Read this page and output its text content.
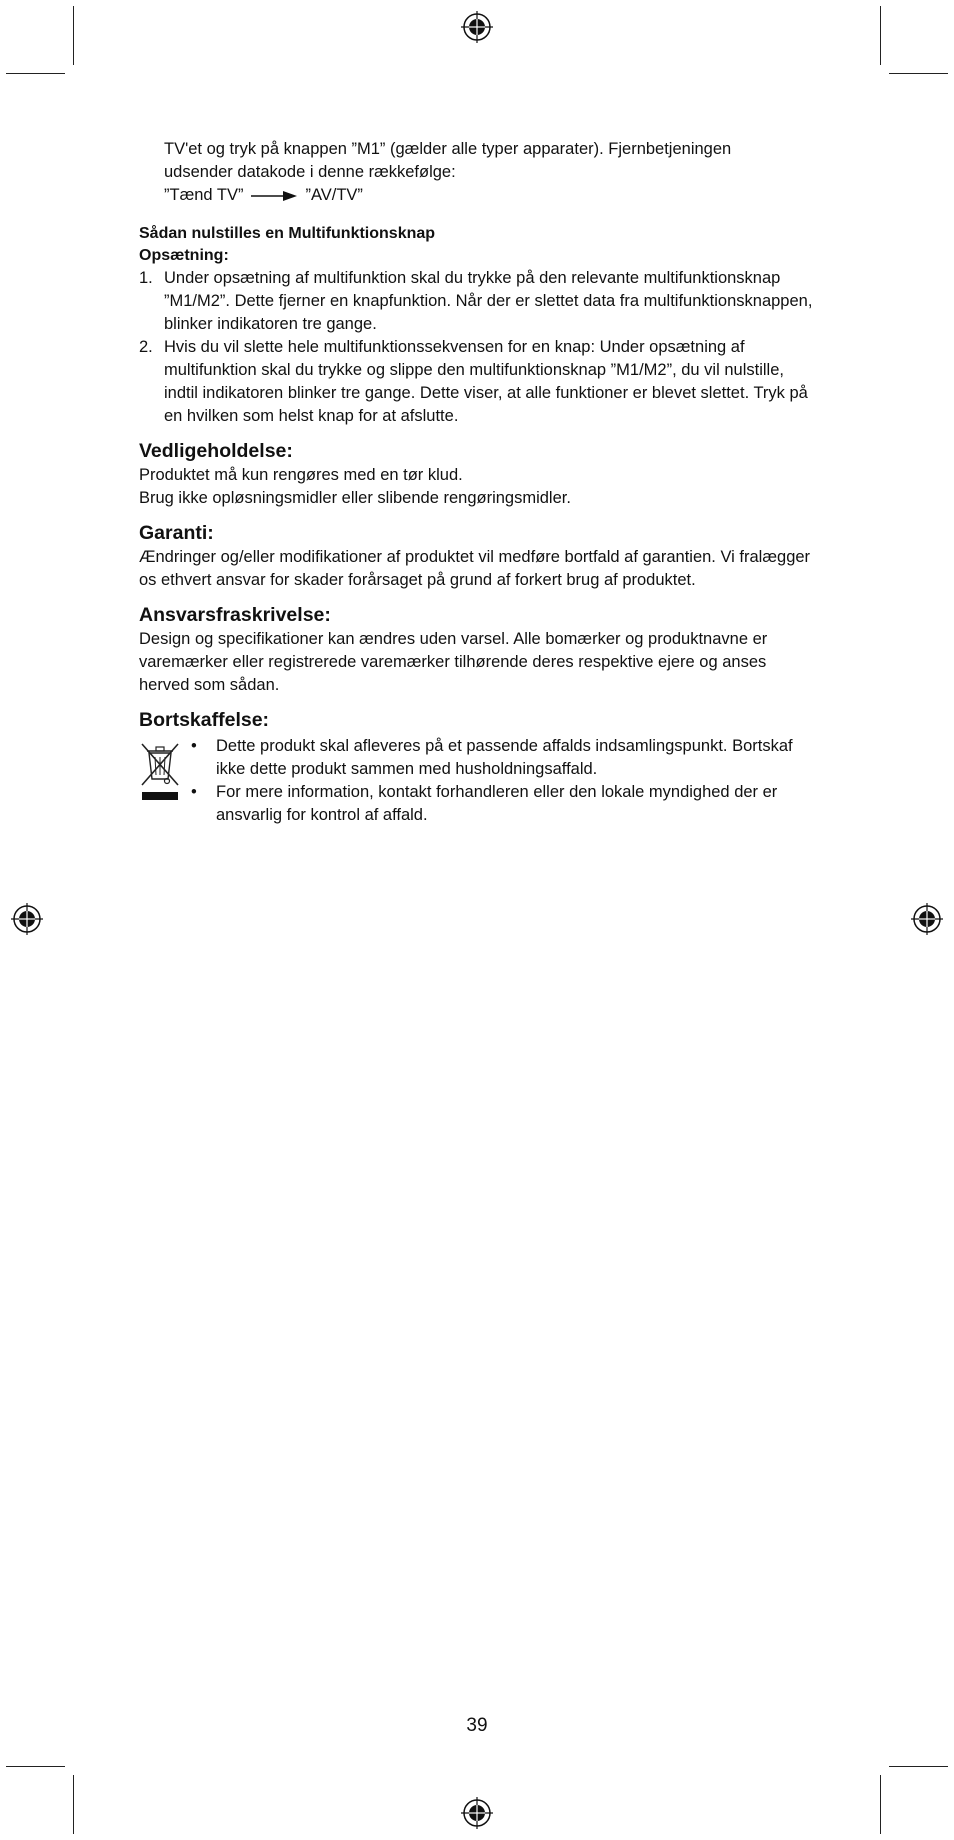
TV'et og tryk på knappen ”M1” (gælder alle typer apparater). Fjernbetjeningen
udsender datakode i denne rækkefølge:
”Tænd TV”	”AV/TV”
Sådan nulstilles en Multifunktionsknap
Opsætning:
1. Under opsætning af multifunktion skal du trykke på den relevante multifunktionsknap ”M1/M2”. Dette fjerner en knapfunktion. Når der er slettet data fra multifunktionsknappen, blinker indikatoren tre gange.
2. Hvis du vil slette hele multifunktionssekvensen for en knap: Under opsætning af multifunktion skal du trykke og slippe den multifunktionsknap ”M1/M2”, du vil nulstille, indtil indikatoren blinker tre gange. Dette viser, at alle funktioner er blevet slettet. Tryk på en hvilken som helst knap for at afslutte.
Vedligeholdelse:
Produktet må kun rengøres med en tør klud.
Brug ikke opløsningsmidler eller slibende rengøringsmidler.
Garanti:

Ændringer og/eller modifikationer af produktet vil medføre bortfald af garantien. Vi fralægger os ethvert ansvar for skader forårsaget på grund af forkert brug af produktet.

Ansvarsfraskrivelse:

Design og specifikationer kan ændres uden varsel. Alle bomærker og produktnavne er varemærker eller registrerede varemærker tilhørende deres respektive ejere og anses herved som sådan.

Bortskaffelse:
•	Dette produkt skal afleveres på et passende affalds indsamlingspunkt. Bortskaf ikke dette produkt sammen med husholdningsaffald.
•	For mere information, kontakt forhandleren eller den lokale myndighed der er ansvarlig for kontrol af affald.
39
